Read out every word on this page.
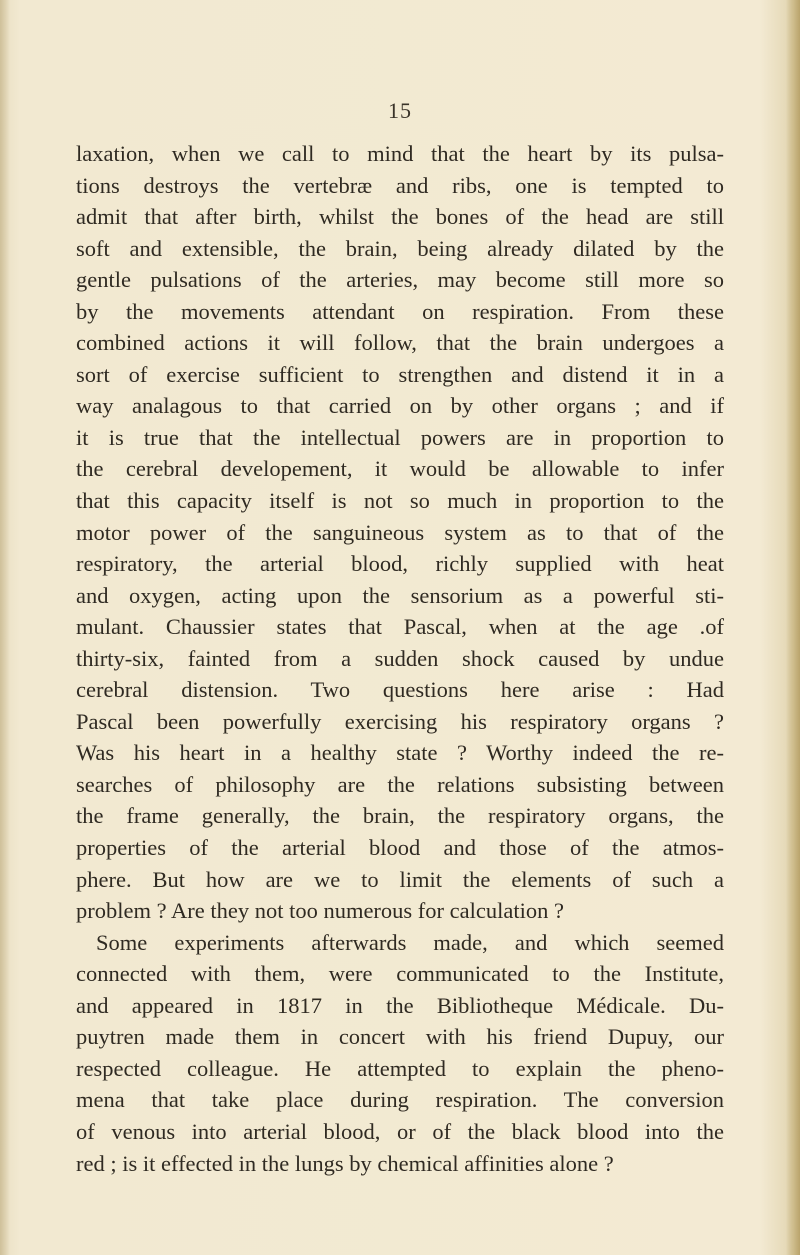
15
laxation, when we call to mind that the heart by its pulsa-
tions destroys the vertebræ and ribs, one is tempted to
admit that after birth, whilst the bones of the head are still
soft and extensible, the brain, being already dilated by the
gentle pulsations of the arteries, may become still more so
by the movements attendant on respiration. From these
combined actions it will follow, that the brain undergoes a
sort of exercise sufficient to strengthen and distend it in a
way analagous to that carried on by other organs ; and if
it is true that the intellectual powers are in proportion to
the cerebral developement, it would be allowable to infer
that this capacity itself is not so much in proportion to the
motor power of the sanguineous system as to that of the
respiratory, the arterial blood, richly supplied with heat
and oxygen, acting upon the sensorium as a powerful sti-
mulant. Chaussier states that Pascal, when at the age .of
thirty-six, fainted from a sudden shock caused by undue
cerebral distension. Two questions here arise : Had
Pascal been powerfully exercising his respiratory organs ?
Was his heart in a healthy state ? Worthy indeed the re-
searches of philosophy are the relations subsisting between
the frame generally, the brain, the respiratory organs, the
properties of the arterial blood and those of the atmos-
phere. But how are we to limit the elements of such a
problem ? Are they not too numerous for calculation ?
Some experiments afterwards made, and which seemed
connected with them, were communicated to the Institute,
and appeared in 1817 in the Bibliotheque Médicale. Du-
puytren made them in concert with his friend Dupuy, our
respected colleague. He attempted to explain the pheno-
mena that take place during respiration. The conversion
of venous into arterial blood, or of the black blood into the
red ; is it effected in the lungs by chemical affinities alone ?
